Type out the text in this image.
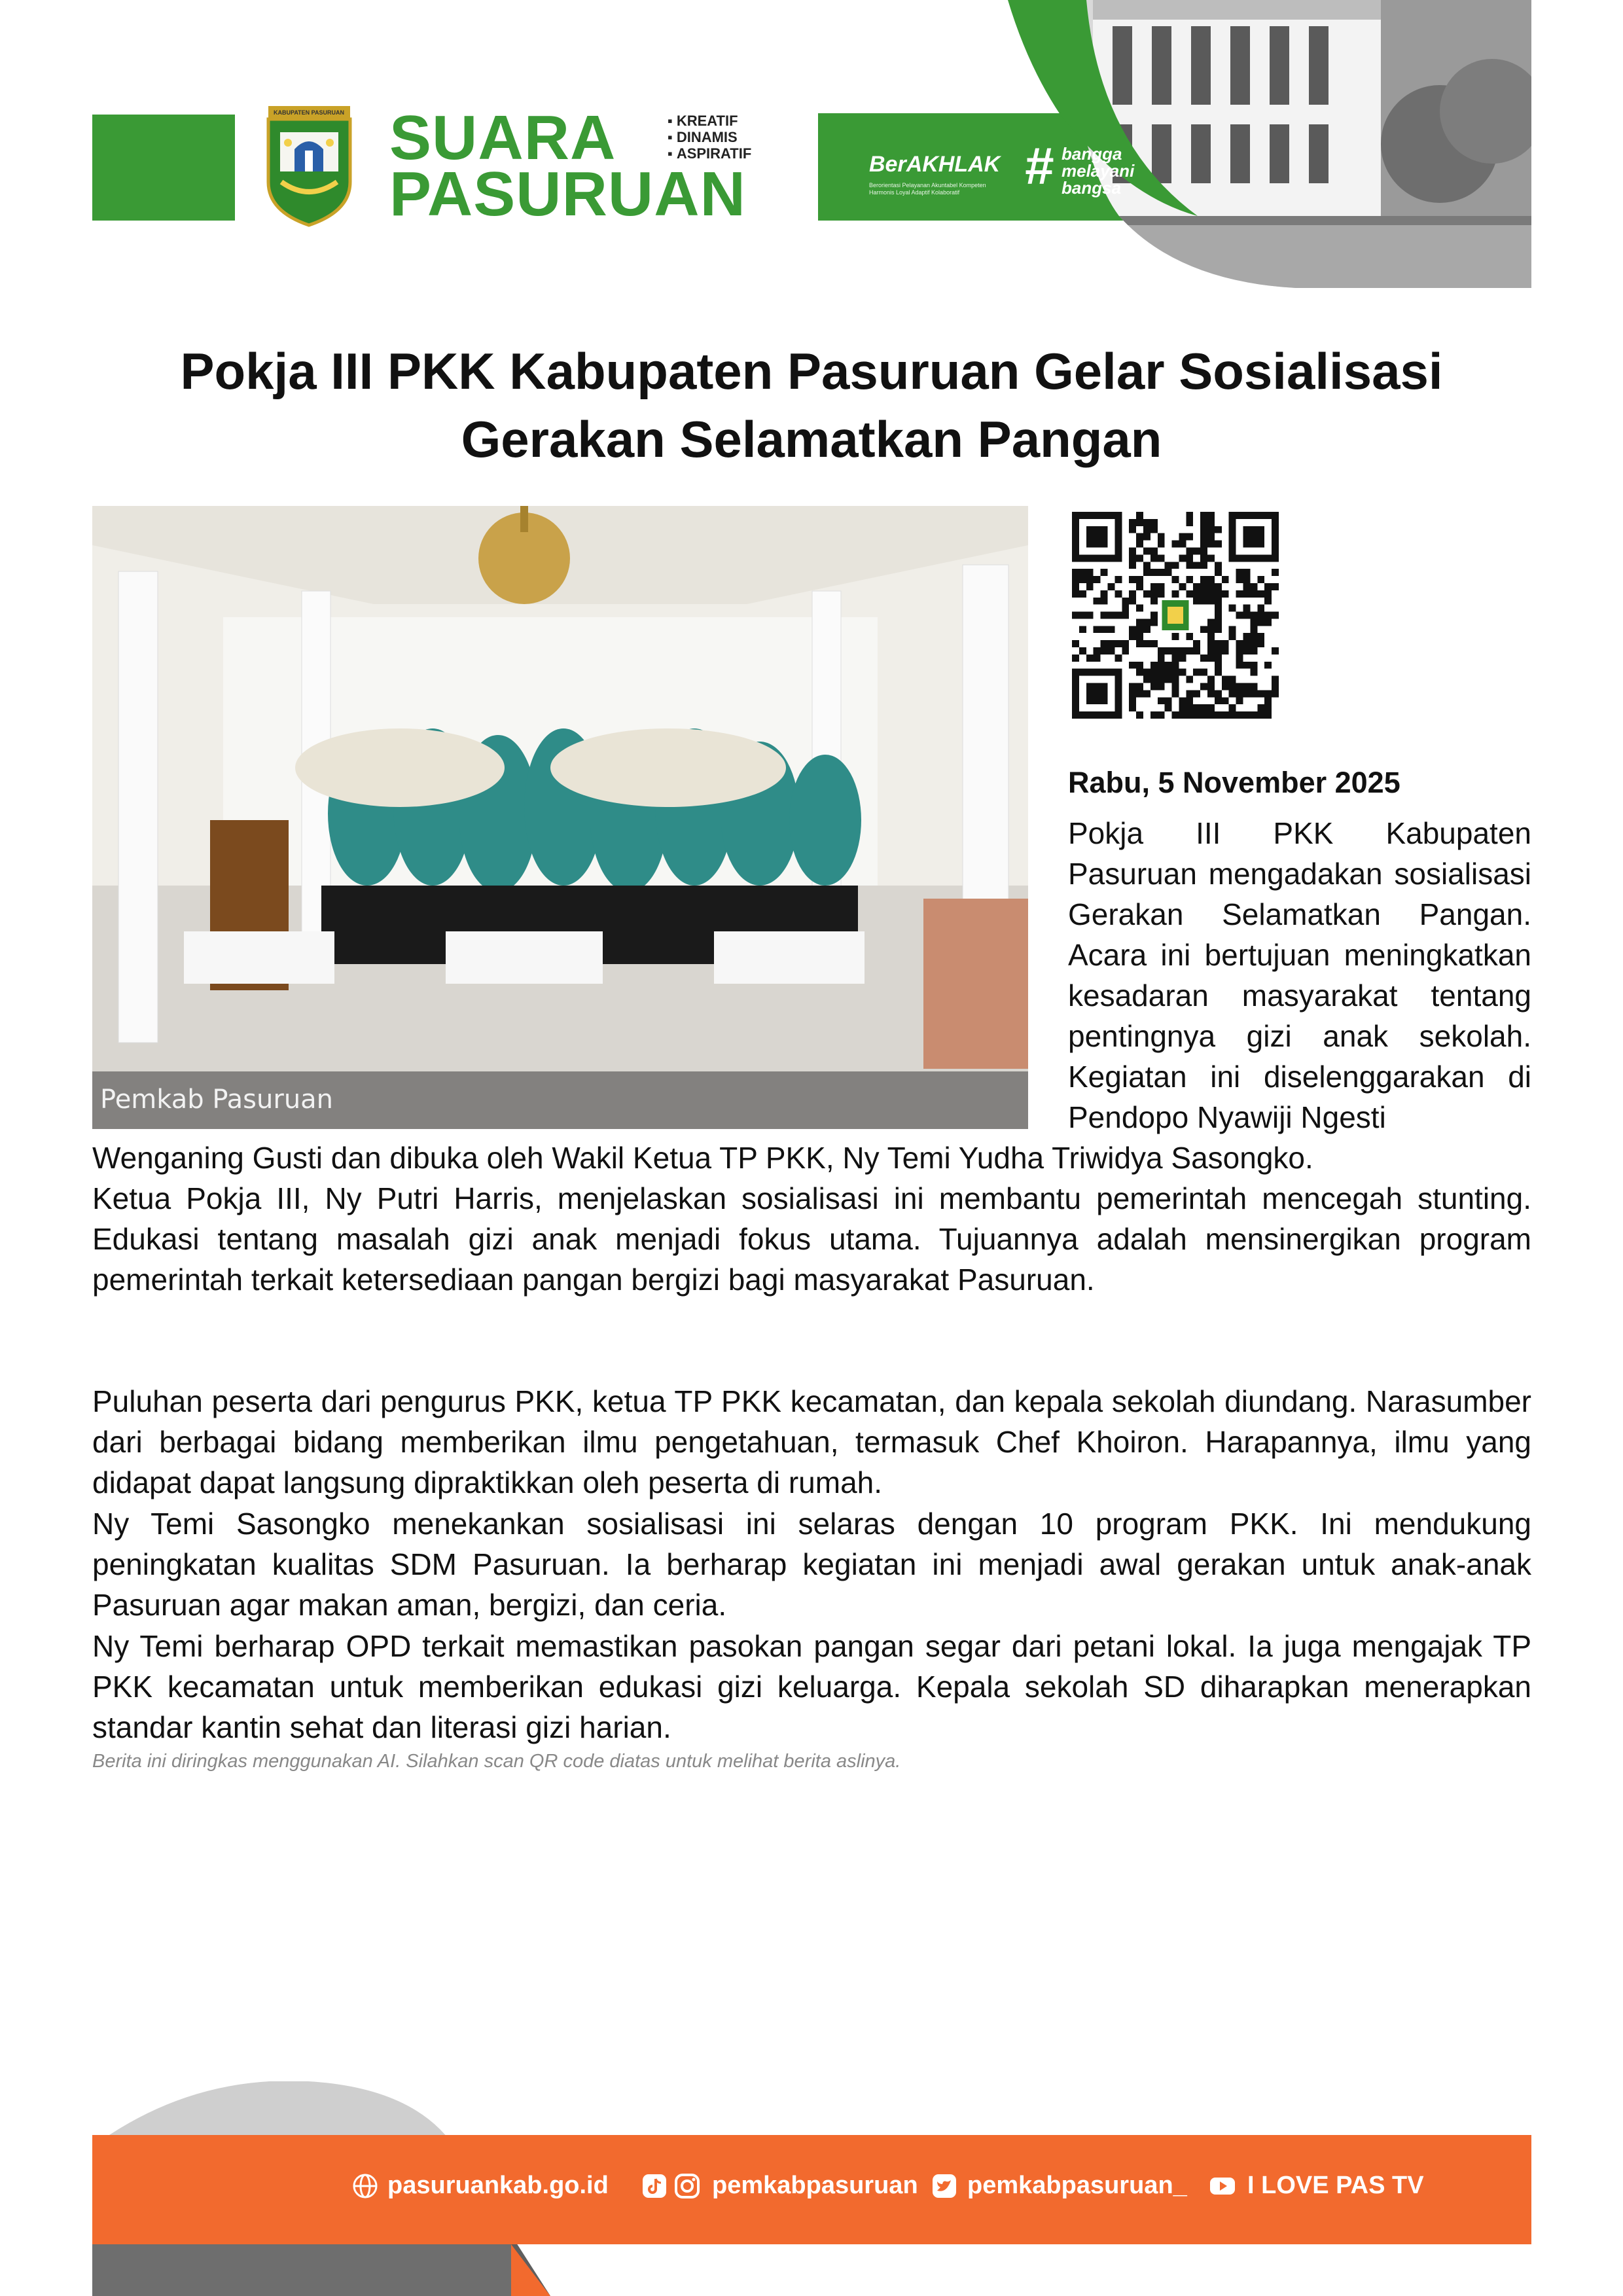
KABUPATEN PASURUAN SUARA
PASURUAN
▪ KREATIF
▪ DINAMIS
▪ ASPIRATIF	BerAKHLAK
Berorientasi Pelayanan Akuntabel Kompeten Harmonis Loyal Adaptif Kolaboratif	# bangga
melayani
bangsa
Pokja III PKK Kabupaten Pasuruan Gelar Sosialisasi
Gerakan Selamatkan Pangan
Pemkab Pasuruan
Rabu, 5 November 2025
Pokja III PKK Kabupaten Pasuruan mengadakan sosialisasi Gerakan Selamatkan Pangan. Acara ini bertujuan meningkatkan kesadaran masyarakat tentang pentingnya gizi anak sekolah. Kegiatan ini diselenggarakan di Pendopo Nyawiji Ngesti
Wenganing Gusti dan dibuka oleh Wakil Ketua TP PKK, Ny Temi Yudha Triwidya Sasongko.
Ketua Pokja III, Ny Putri Harris, menjelaskan sosialisasi ini membantu pemerintah mencegah stunting. Edukasi tentang masalah gizi anak menjadi fokus utama. Tujuannya adalah mensinergikan program pemerintah terkait ketersediaan pangan bergizi bagi masyarakat Pasuruan.
Puluhan peserta dari pengurus PKK, ketua TP PKK kecamatan, dan kepala sekolah diundang. Narasumber dari berbagai bidang memberikan ilmu pengetahuan, termasuk Chef Khoiron. Harapannya, ilmu yang didapat dapat langsung dipraktikkan oleh peserta di rumah.
Ny Temi Sasongko menekankan sosialisasi ini selaras dengan 10 program PKK. Ini mendukung peningkatan kualitas SDM Pasuruan. Ia berharap kegiatan ini menjadi awal gerakan untuk anak-anak Pasuruan agar makan aman, bergizi, dan ceria.
Ny Temi berharap OPD terkait memastikan pasokan pangan segar dari petani lokal. Ia juga mengajak TP PKK kecamatan untuk memberikan edukasi gizi keluarga. Kepala sekolah SD diharapkan menerapkan standar kantin sehat dan literasi gizi harian.
Berita ini diringkas menggunakan AI. Silahkan scan QR code diatas untuk melihat berita aslinya.
pasuruankab.go.id	pemkabpasuruan pemkabpasuruan_ I LOVE PAS TV
